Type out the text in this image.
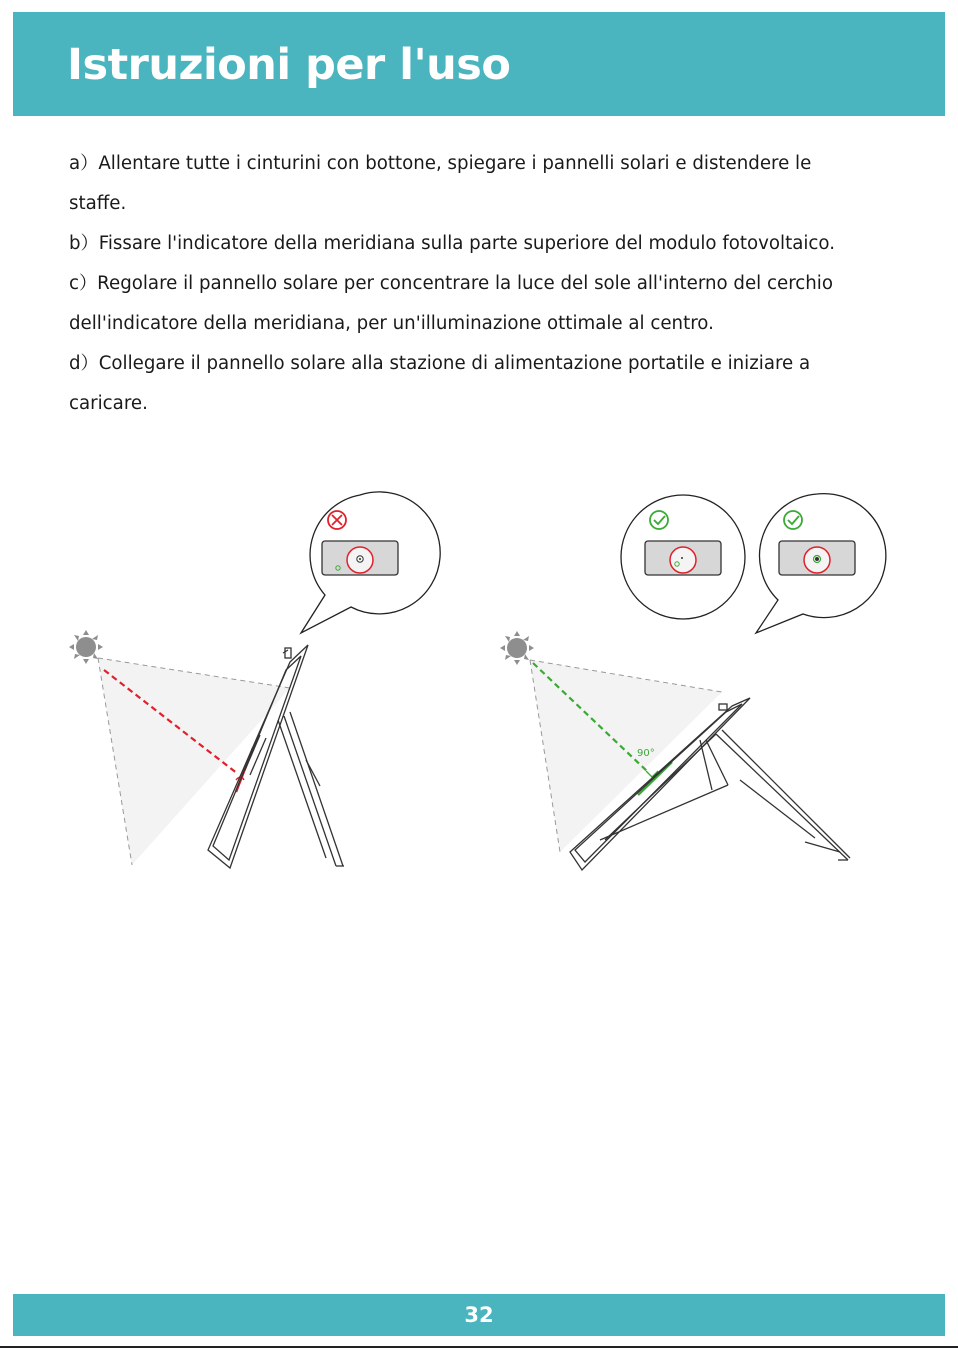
Istruzioni per l'uso

a）Allentare tutte i cinturini con bottone, spiegare i pannelli solari e distendere le

staffe.

b）Fissare l'indicatore della meridiana sulla parte superiore del modulo fotovoltaico.

c）Regolare il pannello solare per concentrare la luce del sole all'interno del cerchio

dell'indicatore della meridiana, per un'illuminazione ottimale al centro.

d）Collegare il pannello solare alla stazione di alimentazione portatile e iniziare a

caricare.

90°
32
